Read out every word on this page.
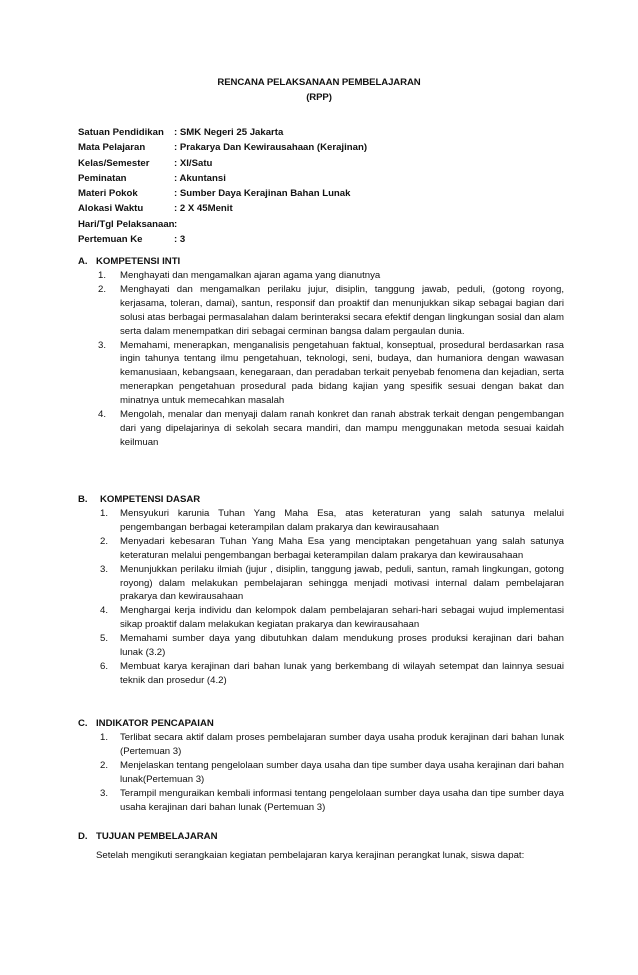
RENCANA PELAKSANAAN PEMBELAJARAN
(RPP)
Satuan Pendidikan : SMK Negeri 25 Jakarta
Mata Pelajaran	: Prakarya Dan Kewirausahaan (Kerajinan)
Kelas/Semester	: XI/Satu
Peminatan	: Akuntansi
Materi Pokok	: Sumber Daya Kerajinan Bahan Lunak
Alokasi Waktu	: 2 X 45Menit
Hari/Tgl Pelaksanaan :
Pertemuan Ke	: 3
A. KOMPETENSI INTI
1. Menghayati dan mengamalkan ajaran agama yang dianutnya
2. Menghayati dan mengamalkan perilaku jujur, disiplin, tanggung jawab, peduli, (gotong royong, kerjasama, toleran, damai), santun, responsif dan proaktif dan menunjukkan sikap sebagai bagian dari solusi atas berbagai permasalahan dalam berinteraksi secara efektif dengan lingkungan sosial dan alam serta dalam menempatkan diri sebagai cerminan bangsa dalam pergaulan dunia.
3. Memahami, menerapkan, menganalisis pengetahuan faktual, konseptual, prosedural berdasarkan rasa ingin tahunya tentang ilmu pengetahuan, teknologi, seni, budaya, dan humaniora dengan wawasan kemanusiaan, kebangsaan, kenegaraan, dan peradaban terkait penyebab fenomena dan kejadian, serta menerapkan pengetahuan prosedural pada bidang kajian yang spesifik sesuai dengan bakat dan minatnya untuk memecahkan masalah
4. Mengolah, menalar dan menyaji dalam ranah konkret dan ranah abstrak terkait dengan pengembangan dari yang dipelajarinya di sekolah secara mandiri, dan mampu menggunakan metoda sesuai kaidah keilmuan
B. KOMPETENSI DASAR
1. Mensyukuri karunia Tuhan Yang Maha Esa, atas keteraturan yang salah satunya melalui pengembangan berbagai keterampilan dalam prakarya dan kewirausahaan
2. Menyadari kebesaran Tuhan Yang Maha Esa yang menciptakan pengetahuan yang salah satunya keteraturan melalui pengembangan berbagai keterampilan dalam prakarya dan kewirausahaan
3. Menunjukkan perilaku ilmiah (jujur , disiplin, tanggung jawab, peduli, santun, ramah lingkungan, gotong royong) dalam melakukan pembelajaran sehingga menjadi motivasi internal dalam pembelajaran prakarya dan kewirausahaan
4. Menghargai kerja individu dan kelompok dalam pembelajaran sehari-hari sebagai wujud implementasi sikap proaktif dalam melakukan kegiatan prakarya dan kewirausahaan
5. Memahami sumber daya yang dibutuhkan dalam mendukung proses produksi kerajinan dari bahan lunak (3.2)
6. Membuat karya kerajinan dari bahan lunak yang berkembang di wilayah setempat dan lainnya sesuai teknik dan prosedur (4.2)
C. INDIKATOR PENCAPAIAN
1. Terlibat secara aktif dalam proses pembelajaran sumber daya usaha produk kerajinan dari bahan lunak (Pertemuan 3)
2. Menjelaskan tentang pengelolaan sumber daya usaha dan tipe sumber daya usaha kerajinan dari bahan lunak(Pertemuan 3)
3. Terampil menguraikan kembali informasi tentang pengelolaan sumber daya usaha dan tipe sumber daya usaha kerajinan dari bahan lunak (Pertemuan 3)
D. TUJUAN PEMBELAJARAN
Setelah mengikuti serangkaian kegiatan pembelajaran karya kerajinan perangkat lunak, siswa dapat:
